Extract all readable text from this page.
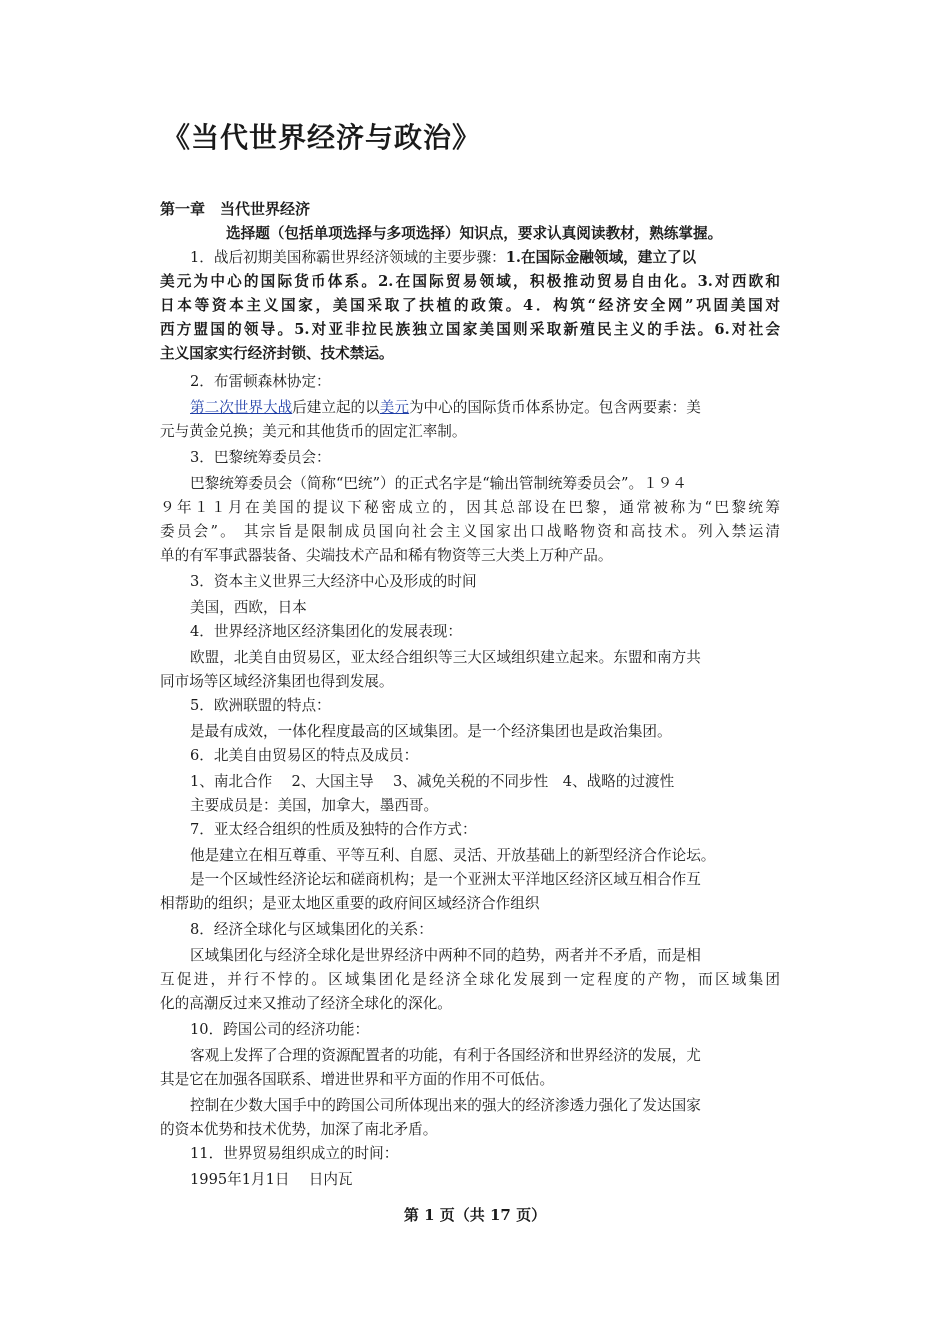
《当代世界经济与政治》
第一章　当代世界经济
选择题（包括单项选择与多项选择）知识点，要求认真阅读教材，熟练掌握。
1．战后初期美国称霸世界经济领域的主要步骤：1.在国际金融领域，建立了以
美元为中心的国际货币体系。2.在国际贸易领域，积极推动贸易自由化。3.对西欧和
日本等资本主义国家，美国采取了扶植的政策。4．构筑“经济安全网”巩固美国对
西方盟国的领导。5.对亚非拉民族独立国家美国则采取新殖民主义的手法。6.对社会
主义国家实行经济封锁、技术禁运。
2．布雷顿森林协定：
第二次世界大战后建立起的以美元为中心的国际货币体系协定。包含两要素：美
元与黄金兑换；美元和其他货币的固定汇率制。
3．巴黎统筹委员会：
巴黎统筹委员会（简称“巴统”）的正式名字是“输出管制统筹委员会”。１９４
９年１１月在美国的提议下秘密成立的，因其总部设在巴黎，通常被称为“巴黎统筹
委员会”。 其宗旨是限制成员国向社会主义国家出口战略物资和高技术。列入禁运清
单的有军事武器装备、尖端技术产品和稀有物资等三大类上万种产品。
3．资本主义世界三大经济中心及形成的时间
美国，西欧，日本
4．世界经济地区经济集团化的发展表现：
欧盟，北美自由贸易区，亚太经合组织等三大区域组织建立起来。东盟和南方共
同市场等区域经济集团也得到发展。
5．欧洲联盟的特点：
是最有成效，一体化程度最高的区域集团。是一个经济集团也是政治集团。
6．北美自由贸易区的特点及成员：
1、南北合作　 2、大国主导　 3、减免关税的不同步性　4、战略的过渡性
主要成员是：美国，加拿大，墨西哥。
7．亚太经合组织的性质及独特的合作方式：
他是建立在相互尊重、平等互利、自愿、灵活、开放基础上的新型经济合作论坛。
是一个区域性经济论坛和磋商机构；是一个亚洲太平洋地区经济区域互相合作互
相帮助的组织；是亚太地区重要的政府间区域经济合作组织
8．经济全球化与区域集团化的关系：
区域集团化与经济全球化是世界经济中两种不同的趋势，两者并不矛盾，而是相
互促进，并行不悖的。区域集团化是经济全球化发展到一定程度的产物，而区域集团
化的高潮反过来又推动了经济全球化的深化。
10．跨国公司的经济功能：
客观上发挥了合理的资源配置者的功能，有利于各国经济和世界经济的发展，尤
其是它在加强各国联系、增进世界和平方面的作用不可低估。
控制在少数大国手中的跨国公司所体现出来的强大的经济渗透力强化了发达国家
的资本优势和技术优势，加深了南北矛盾。
11．世界贸易组织成立的时间：
1995年1月1日　 日内瓦
第 1 页（共 17 页）
